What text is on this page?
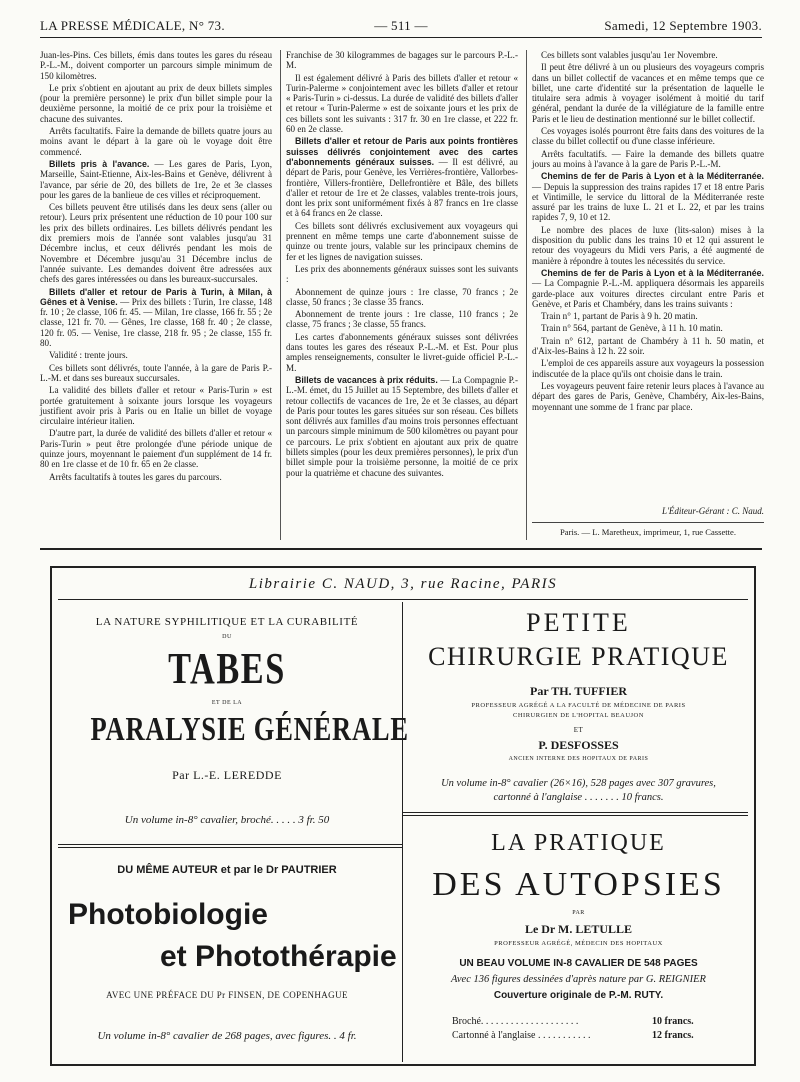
LA PRESSE MÉDICALE, N° 73.	— 511 —	Samedi, 12 Septembre 1903.

Juan-les-Pins. Ces billets, émis dans toutes les gares du réseau P.-L.-M., doivent comporter un parcours simple minimum de 150 kilomètres.

Le prix s'obtient en ajoutant au prix de deux billets simples (pour la première personne) le prix d'un billet simple pour la deuxième personne, la moitié de ce prix pour la troisième et chacune des suivantes.

Arrêts facultatifs. Faire la demande de billets quatre jours au moins avant le départ à la gare où le voyage doit être commencé.

Billets pris à l'avance. — Les gares de Paris, Lyon, Marseille, Saint-Etienne, Aix-les-Bains et Genève, délivrent à l'avance, par série de 20, des billets de 1re, 2e et 3e classes pour les gares de la banlieue de ces villes et réciproquement.

Ces billets peuvent être utilisés dans les deux sens (aller ou retour). Leurs prix présentent une réduction de 10 pour 100 sur les prix des billets ordinaires. Les billets délivrés pendant les dix premiers mois de l'année sont valables jusqu'au 31 Décembre inclus, et ceux délivrés pendant les mois de Novembre et Décembre jusqu'au 31 Décembre inclus de l'année suivante. Les demandes doivent être adressées aux chefs des gares intéressées ou dans les bureaux-succursales.

Billets d'aller et retour de Paris à Turin, à Milan, à Gênes et à Venise. — Prix des billets : Turin, 1re classe, 148 fr. 10 ; 2e classe, 106 fr. 45. — Milan, 1re classe, 166 fr. 55 ; 2e classe, 121 fr. 70. — Gênes, 1re classe, 168 fr. 40 ; 2e classe, 120 fr. 05. — Venise, 1re classe, 218 fr. 95 ; 2e classe, 155 fr. 80.

Validité : trente jours.

Ces billets sont délivrés, toute l'année, à la gare de Paris P.-L.-M. et dans ses bureaux succursales.

La validité des billets d'aller et retour « Paris-Turin » est portée gratuitement à soixante jours lorsque les voyageurs justifient avoir pris à Paris ou en Italie un billet de voyage circulaire intérieur italien.

D'autre part, la durée de validité des billets d'aller et retour « Paris-Turin » peut être prolongée d'une période unique de quinze jours, moyennant le paiement d'un supplément de 14 fr. 80 en 1re classe et de 10 fr. 65 en 2e classe.

Arrêts facultatifs à toutes les gares du parcours.

Franchise de 30 kilogrammes de bagages sur le parcours P.-L.-M.

Il est également délivré à Paris des billets d'aller et retour « Turin-Palerme » conjointement avec les billets d'aller et retour « Paris-Turin » ci-dessus. La durée de validité des billets d'aller et retour « Turin-Palerme » est de soixante jours et les prix de ces billets sont les suivants : 317 fr. 30 en 1re classe, et 222 fr. 60 en 2e classe.

Billets d'aller et retour de Paris aux points frontières suisses délivrés conjointement avec des cartes d'abonnements généraux suisses. — Il est délivré, au départ de Paris, pour Genève, les Verrières-frontière, Vallorbes-frontière, Villers-frontière, Dellefrontière et Bâle, des billets d'aller et retour de 1re et 2e classes, valables trente-trois jours, dont les prix sont uniformément fixés à 87 francs en 1re classe et à 64 francs en 2e classe.

Ces billets sont délivrés exclusivement aux voyageurs qui prennent en même temps une carte d'abonnement suisse de quinze ou trente jours, valable sur les principaux chemins de fer et les lignes de navigation suisses.

Les prix des abonnements généraux suisses sont les suivants :

Abonnement de quinze jours : 1re classe, 70 francs ; 2e classe, 50 francs ; 3e classe 35 francs.

Abonnement de trente jours : 1re classe, 110 francs ; 2e classe, 75 francs ; 3e classe, 55 francs.

Les cartes d'abonnements généraux suisses sont délivrées dans toutes les gares des réseaux P.-L.-M. et Est. Pour plus amples renseignements, consulter le livret-guide officiel P.-L.-M.

Billets de vacances à prix réduits. — La Compagnie P.-L.-M. émet, du 15 Juillet au 15 Septembre, des billets d'aller et retour collectifs de vacances de 1re, 2e et 3e classes, au départ de Paris pour toutes les gares situées sur son réseau. Ces billets sont délivrés aux familles d'au moins trois personnes effectuant un parcours simple minimum de 500 kilomètres ou payant pour ce parcours. Le prix s'obtient en ajoutant aux prix de quatre billets simples (pour les deux premières personnes), le prix d'un billet simple pour la troisième personne, la moitié de ce prix pour la quatrième et chacune des suivantes.

Ces billets sont valables jusqu'au 1er Novembre.

Il peut être délivré à un ou plusieurs des voyageurs compris dans un billet collectif de vacances et en même temps que ce billet, une carte d'identité sur la présentation de laquelle le titulaire sera admis à voyager isolément à moitié du tarif général, pendant la durée de la villégiature de la famille entre Paris et le lieu de destination mentionné sur le billet collectif.

Ces voyages isolés pourront être faits dans des voitures de la classe du billet collectif ou d'une classe inférieure.

Arrêts facultatifs. — Faire la demande des billets quatre jours au moins à l'avance à la gare de Paris P.-L.-M.

Chemins de fer de Paris à Lyon et à la Méditerranée. — Depuis la suppression des trains rapides 17 et 18 entre Paris et Vintimille, le service du littoral de la Méditerranée reste assuré par les trains de luxe L. 21 et L. 22, et par les trains rapides 7, 9, 10 et 12.

Le nombre des places de luxe (lits-salon) mises à la disposition du public dans les trains 10 et 12 qui assurent le retour des voyageurs du Midi vers Paris, a été augmenté de manière à répondre à toutes les nécessités du service.

Chemins de fer de Paris à Lyon et à la Méditerranée. — La Compagnie P.-L.-M. appliquera désormais les appareils garde-place aux voitures directes circulant entre Paris et Genève, et Paris et Chambéry, dans les trains suivants :

Train n° 1, partant de Paris à 9 h. 20 matin.

Train n° 564, partant de Genève, à 11 h. 10 matin.

Train n° 612, partant de Chambéry à 11 h. 50 matin, et d'Aix-les-Bains à 12 h. 22 soir.

L'emploi de ces appareils assure aux voyageurs la possession indiscutée de la place qu'ils ont choisie dans le train.

Les voyageurs peuvent faire retenir leurs places à l'avance au départ des gares de Paris, Genève, Chambéry, Aix-les-Bains, moyennant une somme de 1 franc par place.

L'Éditeur-Gérant : C. Naud.
Paris. — L. Maretheux, imprimeur, 1, rue Cassette.
Librairie C. NAUD, 3, rue Racine, PARIS
LA NATURE SYPHILITIQUE ET LA CURABILITÉ
DU
TABES
ET DE LA
PARALYSIE GÉNÉRALE
Par L.-E. LEREDDE
Un volume in-8° cavalier, broché. . . . . 3 fr. 50
DU MÊME AUTEUR et par le Dr PAUTRIER
Photobiologie
et Photothérapie
AVEC UNE PRÉFACE DU Pr FINSEN, DE COPENHAGUE
Un volume in-8° cavalier de 268 pages, avec figures. . 4 fr.
PETITE
CHIRURGIE PRATIQUE
Par TH. TUFFIER
PROFESSEUR AGRÉGÉ A LA FACULTÉ DE MÉDECINE DE PARIS
CHIRURGIEN DE L'HOPITAL BEAUJON
ET
P. DESFOSSES
ANCIEN INTERNE DES HOPITAUX DE PARIS
Un volume in-8° cavalier (26×16), 528 pages avec 307 gravures,
cartonné à l'anglaise . . . . . . . 10 francs.
LA PRATIQUE
DES AUTOPSIES
PAR
Le Dr M. LETULLE
PROFESSEUR AGRÉGÉ, MÉDECIN DES HOPITAUX
UN BEAU VOLUME IN-8 CAVALIER DE 548 PAGES
Avec 136 figures dessinées d'après nature par G. REIGNIER
Couverture originale de P.-M. RUTY.
Broché. . . . . . . . . . . . . . . . . . . .	10 francs.
Cartonné à l'anglaise . . . . . . . . . . .	12 francs.
